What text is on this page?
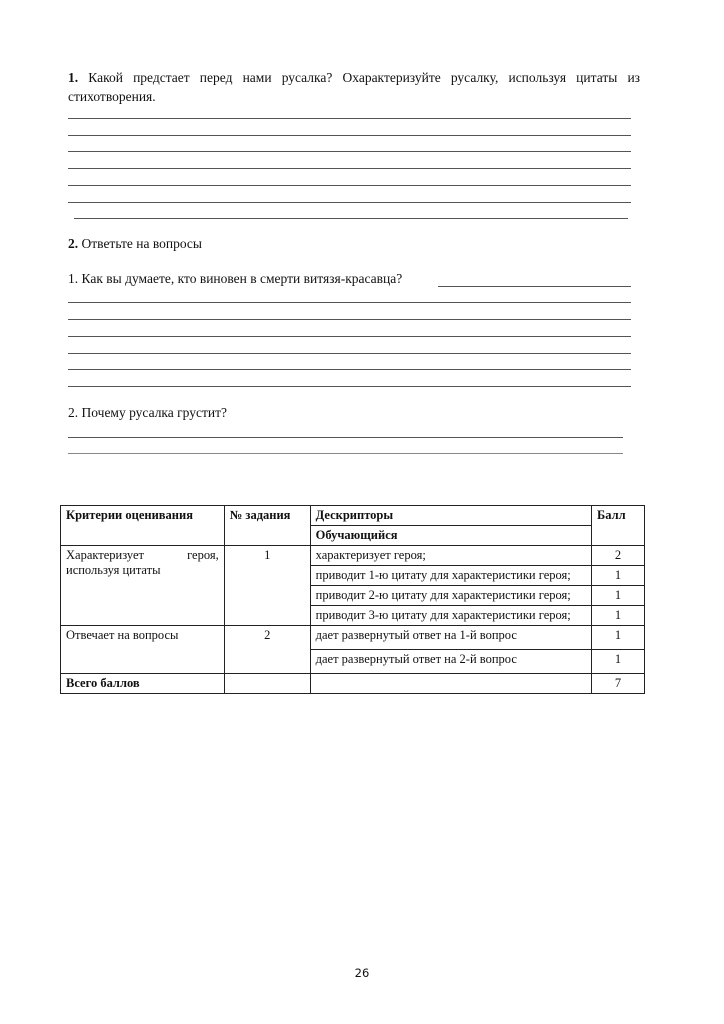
1. Какой предстает перед нами русалка? Охарактеризуйте русалку, используя цитаты из стихотворения.
2. Ответьте на вопросы
1. Как вы думаете, кто виновен в смерти витязя-красавца?
2. Почему русалка грустит?
Критерии оценивания	№ задания	Дескрипторы	Балл
		Обучающийся	

Характеризует героя,
используя цитаты	1	характеризует героя;	2
		приводит 1-ю цитату для характеристики героя;	1
		приводит 2-ю цитату для характеристики героя;	1
		приводит 3-ю цитату для характеристики героя;	1
Отвечает на вопросы	2	дает развернутый ответ на 1-й вопрос	1
		дает развернутый ответ на 2-й вопрос	1
Всего баллов			7
26
